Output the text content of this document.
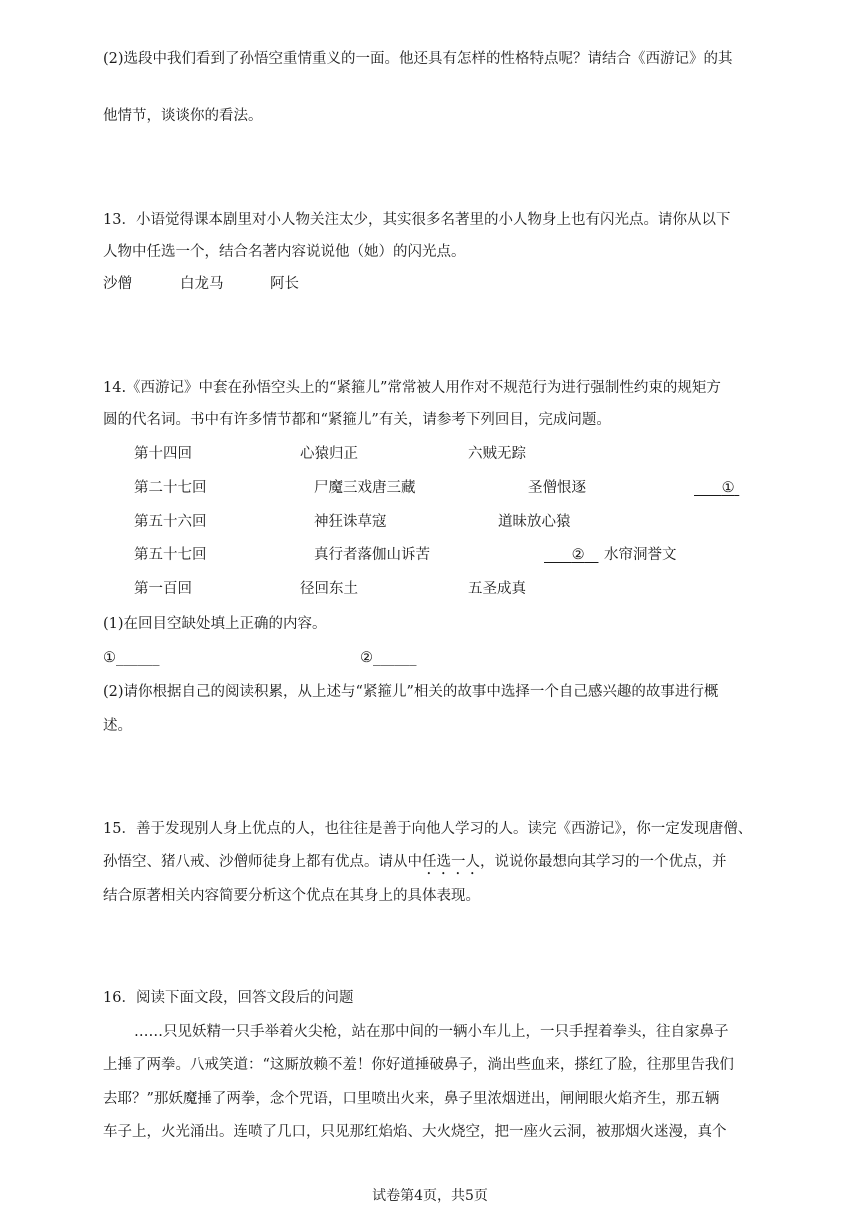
(2)选段中我们看到了孙悟空重情重义的一面。他还具有怎样的性格特点呢？请结合《西游记》的其
他情节，谈谈你的看法。
13．小语觉得课本剧里对小人物关注太少，其实很多名著里的小人物身上也有闪光点。请你从以下
人物中任选一个，结合名著内容说说他（她）的闪光点。
沙僧	白龙马	阿长
14.《西游记》中套在孙悟空头上的“紧箍儿”常常被人用作对不规范行为进行强制性约束的规矩方
圆的代名词。书中有许多情节都和“紧箍儿”有关，请参考下列回目，完成问题。
第十四回	心猿归正	六贼无踪
第二十七回	尸魔三戏唐三藏	圣僧恨逐	①
第五十六回	神狂诛草寇	道昧放心猿
第五十七回	真行者落伽山诉苦	②	水帘洞誉文
第一百回	径回东土	五圣成真
(1)在回目空缺处填上正确的内容。
①______	②______
(2)请你根据自己的阅读积累，从上述与“紧箍儿”相关的故事中选择一个自己感兴趣的故事进行概
述。
15．善于发现别人身上优点的人，也往往是善于向他人学习的人。读完《西游记》，你一定发现唐僧、
孙悟空、猪八戒、沙僧师徒身上都有优点。请从中任选一人，说说你最想向其学习的一个优点，并
结合原著相关内容简要分析这个优点在其身上的具体表现。
16．阅读下面文段，回答文段后的问题
……只见妖精一只手举着火尖枪，站在那中间的一辆小车儿上，一只手捏着拳头，往自家鼻子
上捶了两拳。八戒笑道：“这厮放赖不羞！你好道捶破鼻子，淌出些血来，搽红了脸，往那里告我们
去耶？”那妖魔捶了两拳，念个咒语，口里喷出火来，鼻子里浓烟迸出，闸闸眼火焰齐生，那五辆
车子上，火光涌出。连喷了几口，只见那红焰焰、大火烧空，把一座火云洞，被那烟火迷漫，真个
试卷第4页，共5页
